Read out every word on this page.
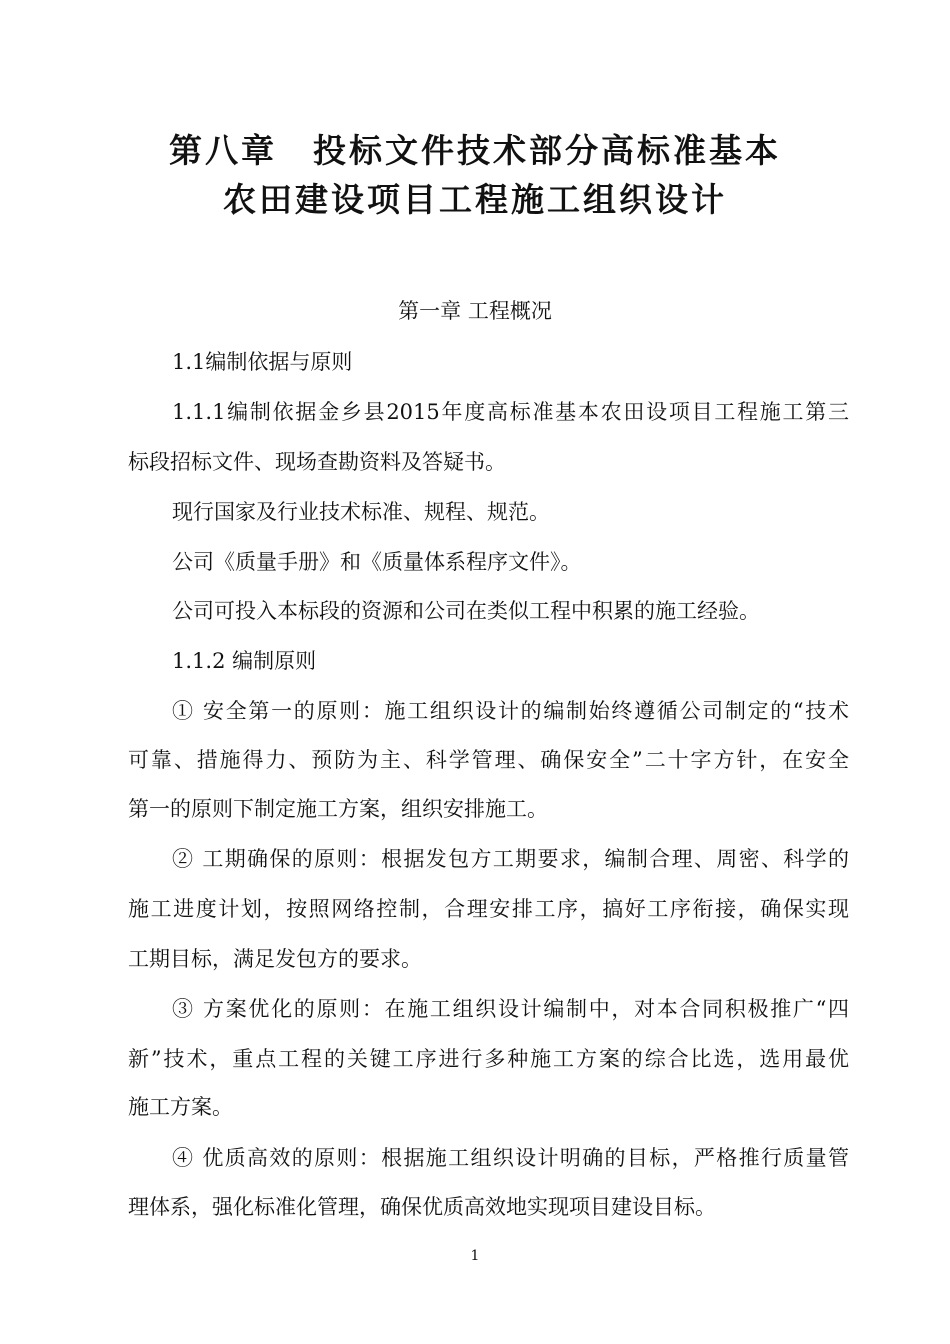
第八章　投标文件技术部分高标准基本
农田建设项目工程施工组织设计
第一章 工程概况
1.1编制依据与原则
1.1.1编制依据金乡县2015年度高标准基本农田设项目工程施工第三
标段招标文件、现场查勘资料及答疑书。
现行国家及行业技术标准、规程、规范。
公司《质量手册》和《质量体系程序文件》。
公司可投入本标段的资源和公司在类似工程中积累的施工经验。
1.1.2 编制原则
① 安全第一的原则：施工组织设计的编制始终遵循公司制定的“技术
可靠、措施得力、预防为主、科学管理、确保安全”二十字方针，在安全
第一的原则下制定施工方案，组织安排施工。
② 工期确保的原则：根据发包方工期要求，编制合理、周密、科学的
施工进度计划，按照网络控制，合理安排工序，搞好工序衔接，确保实现
工期目标，满足发包方的要求。
③ 方案优化的原则：在施工组织设计编制中，对本合同积极推广“四
新”技术，重点工程的关键工序进行多种施工方案的综合比选，选用最优
施工方案。
④ 优质高效的原则：根据施工组织设计明确的目标，严格推行质量管
理体系，强化标准化管理，确保优质高效地实现项目建设目标。
1
